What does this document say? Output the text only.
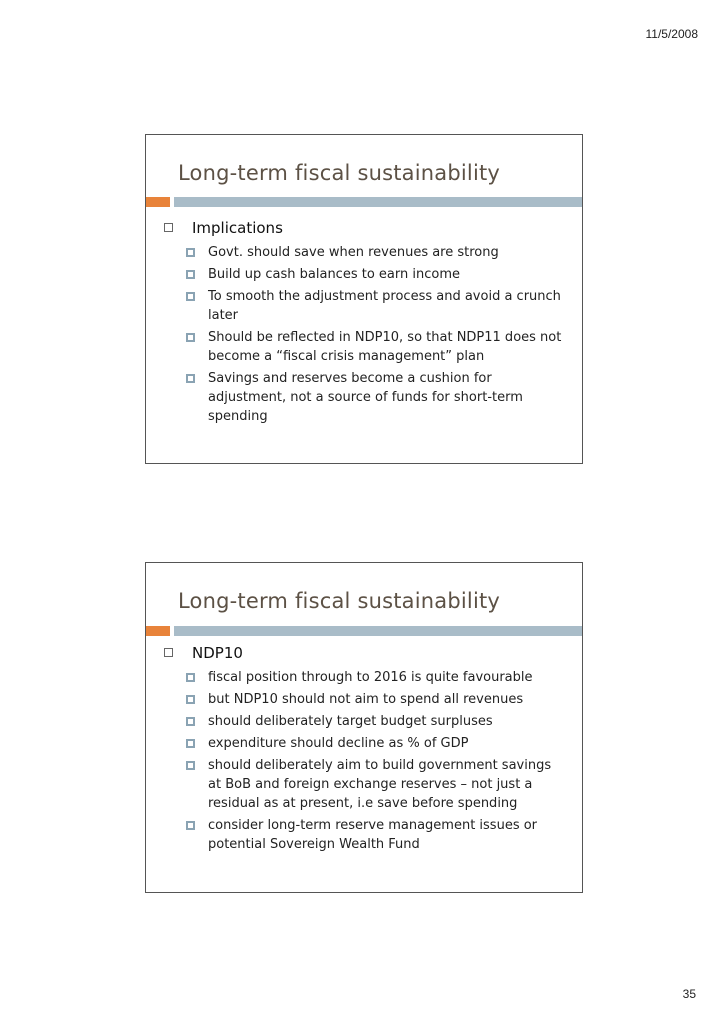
11/5/2008
Long-term fiscal sustainability
Implications
Govt. should save when revenues are strong
Build up cash balances to earn income
To smooth the adjustment process and avoid a crunch later
Should be reflected in NDP10, so that NDP11 does not become a “fiscal crisis management” plan
Savings and reserves become a cushion for adjustment, not a source of funds for short-term spending
Long-term fiscal sustainability
NDP10
fiscal position through to 2016 is quite favourable
but NDP10 should not aim to spend all revenues
should deliberately target budget surpluses
expenditure should decline as % of GDP
should deliberately aim to build government savings at BoB and foreign exchange reserves – not just a residual as at present, i.e save before spending
consider long-term reserve management issues or potential Sovereign Wealth Fund
35
